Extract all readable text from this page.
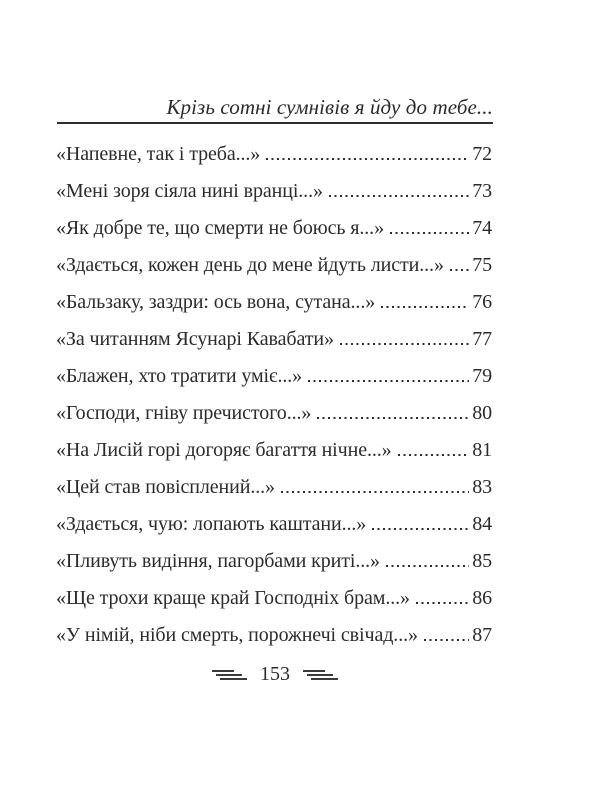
Крізь сотні сумнівів я йду до тебе...
«Напевне, так і треба...»	72
«Мені зоря сіяла нині вранці...»	73
«Як добре те, що смерти не боюсь я...»	74
«Здається, кожен день до мене йдуть листи...» 75
«Бальзаку, заздри: ось вона, сутана...»	76
«За читанням Ясунарі Кавабати»	77
«Блажен, хто тратити уміє...»	79
«Господи, гніву пречистого...»	80
«На Лисій горі догоряє багаття нічне...»	81
«Цей став повісплений...»	83
«Здається, чую: лопають каштани...»	84
«Пливуть видіння, пагорбами криті...»	85
«Ще трохи краще край Господніх брам...»	86
«У німій, ніби смерть, порожнечі свічад...»	87
153
